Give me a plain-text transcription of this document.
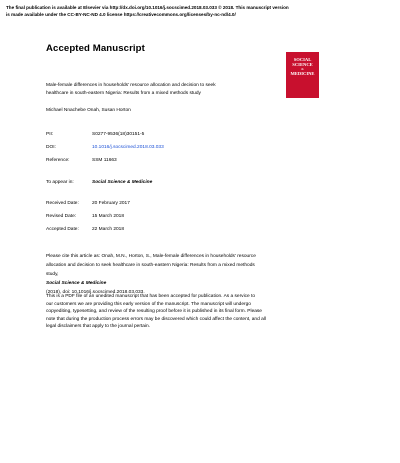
The final publication is available at Elsevier via http://dx.doi.org/10.1016/j.socscimed.2018.03.033 © 2018. This manuscript version
is made available under the CC-BY-NC-ND 4.0 license https://creativecommons.org/licenses/by-nc-nd/4.0/

Accepted Manuscript

Male-female differences in households' resource allocation and decision to seek
healthcare in south-eastern Nigeria: Results from a mixed methods study

Michael Nnachebe Onah, Susan Horton

SOCIAL
SCIENCE
&
MEDICINE
PII:	S0277-9536(18)30151-5
DOI:	10.1016/j.socscimed.2018.03.033
Reference:	SSM 11663
To appear in:	Social Science & Medicine
Received Date:	20 February 2017
Revised Date:	15 March 2018
Accepted Date:	22 March 2018

Please cite this article as: Onah, M.N., Horton, S., Male-female differences in households' resource
allocation and decision to seek healthcare in south-eastern Nigeria: Results from a mixed methods
study,
Social Science & Medicine
(2018), doi: 10.1016/j.socscimed.2018.03.033.

This is a PDF file of an unedited manuscript that has been accepted for publication. As a service to
our customers we are providing this early version of the manuscript. The manuscript will undergo
copyediting, typesetting, and review of the resulting proof before it is published in its final form. Please
note that during the production process errors may be discovered which could affect the content, and all
legal disclaimers that apply to the journal pertain.
